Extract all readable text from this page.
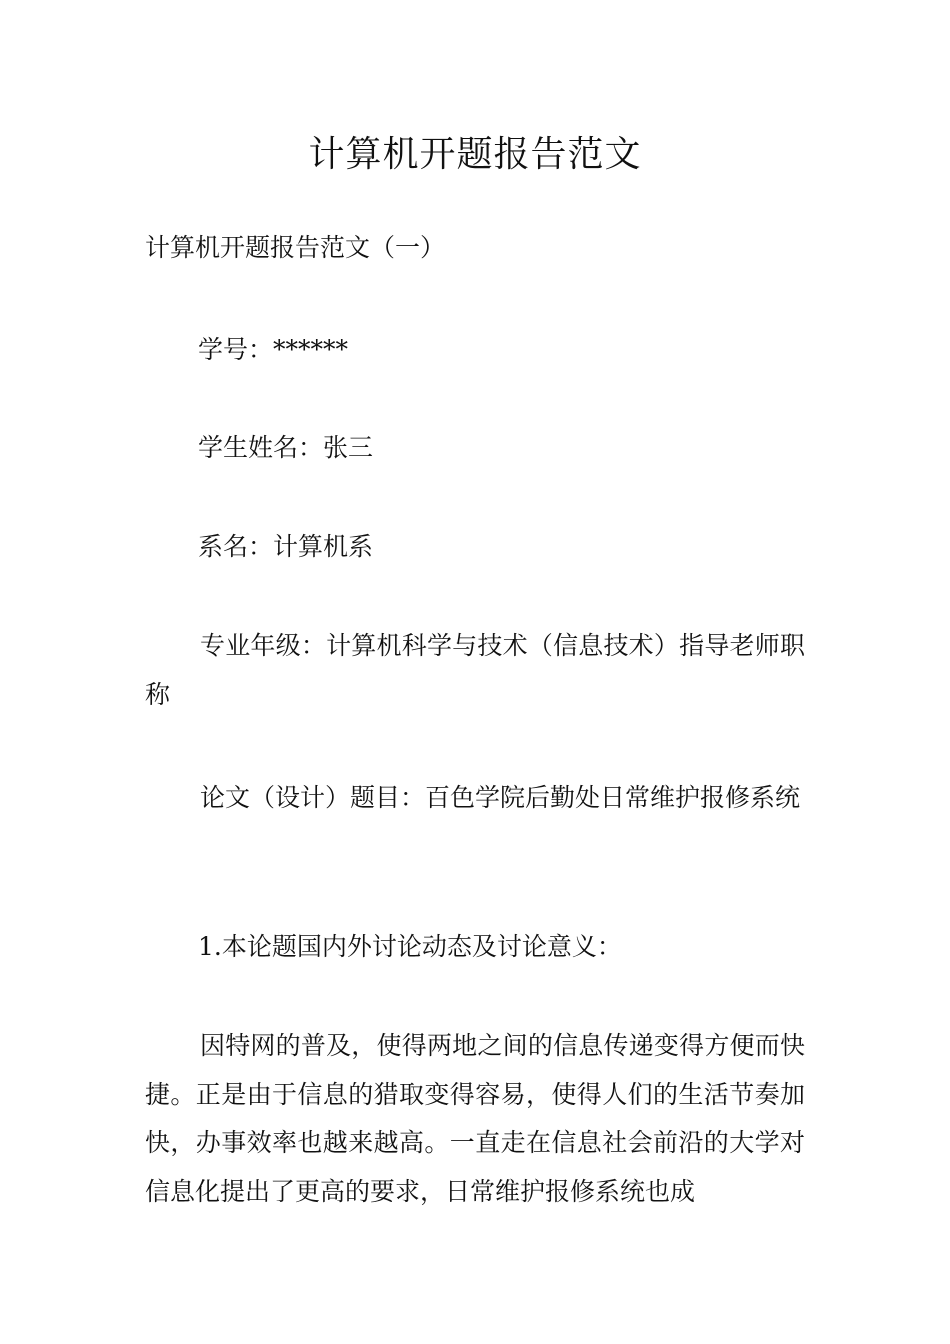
计算机开题报告范文

计算机开题报告范文（一）

学号：******

学生姓名：张三

系名：计算机系

专业年级：计算机科学与技术（信息技术）指导老师职称

论文（设计）题目：百色学院后勤处日常维护报修系统

1.本论题国内外讨论动态及讨论意义：

因特网的普及，使得两地之间的信息传递变得方便而快捷。正是由于信息的猎取变得容易，使得人们的生活节奏加快，办事效率也越来越高。一直走在信息社会前沿的大学对信息化提出了更高的要求，日常维护报修系统也成
